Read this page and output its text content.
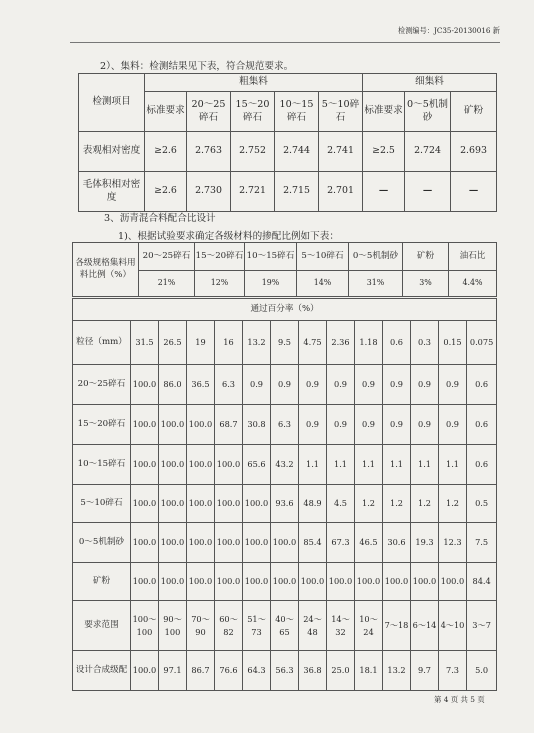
检测编号：JC35-20130016 新
2）、集料：检测结果见下表，符合规范要求。
检测项目	粗集料					细集料		
	标准要求	20～25碎石	15～20碎石	10～15碎石	5～10碎石	标准要求	0～5机制砂	矿粉
表观相对密度	≥2.6	2.763	2.752	2.744	2.741	≥2.5	2.724	2.693
毛体积相对密度	≥2.6	2.730	2.721	2.715	2.701	—	—	—
3、沥青混合料配合比设计
1)、根据试验要求确定各级材料的掺配比例如下表：
各级规格集料用料比例（%）	20～25碎石	15～20碎石	10～15碎石	5～10碎石	0～5机制砂	矿粉	油石比
	21%	12%	19%	14%	31%	3%	4.4%
通过百分率（%）													
粒径（mm）	31.5	26.5	19	16	13.2	9.5	4.75	2.36	1.18	0.6	0.3	0.15	0.075
20～25碎石	100.0	86.0	36.5	6.3	0.9	0.9	0.9	0.9	0.9	0.9	0.9	0.9	0.6
15～20碎石	100.0	100.0	100.0	68.7	30.8	6.3	0.9	0.9	0.9	0.9	0.9	0.9	0.6
10～15碎石	100.0	100.0	100.0	100.0	65.6	43.2	1.1	1.1	1.1	1.1	1.1	1.1	0.6
5～10碎石	100.0	100.0	100.0	100.0	100.0	93.6	48.9	4.5	1.2	1.2	1.2	1.2	0.5
0～5机制砂	100.0	100.0	100.0	100.0	100.0	100.0	85.4	67.3	46.5	30.6	19.3	12.3	7.5
矿粉	100.0	100.0	100.0	100.0	100.0	100.0	100.0	100.0	100.0	100.0	100.0	100.0	84.4
要求范围	100～100	90～100	70～90	60～82	51～73	40～65	24～48	14～32	10～24	7～18	6～14	4～10	3～7
设计合成级配	100.0	97.1	86.7	76.6	64.3	56.3	36.8	25.0	18.1	13.2	9.7	7.3	5.0
第 4 页 共 5 页
